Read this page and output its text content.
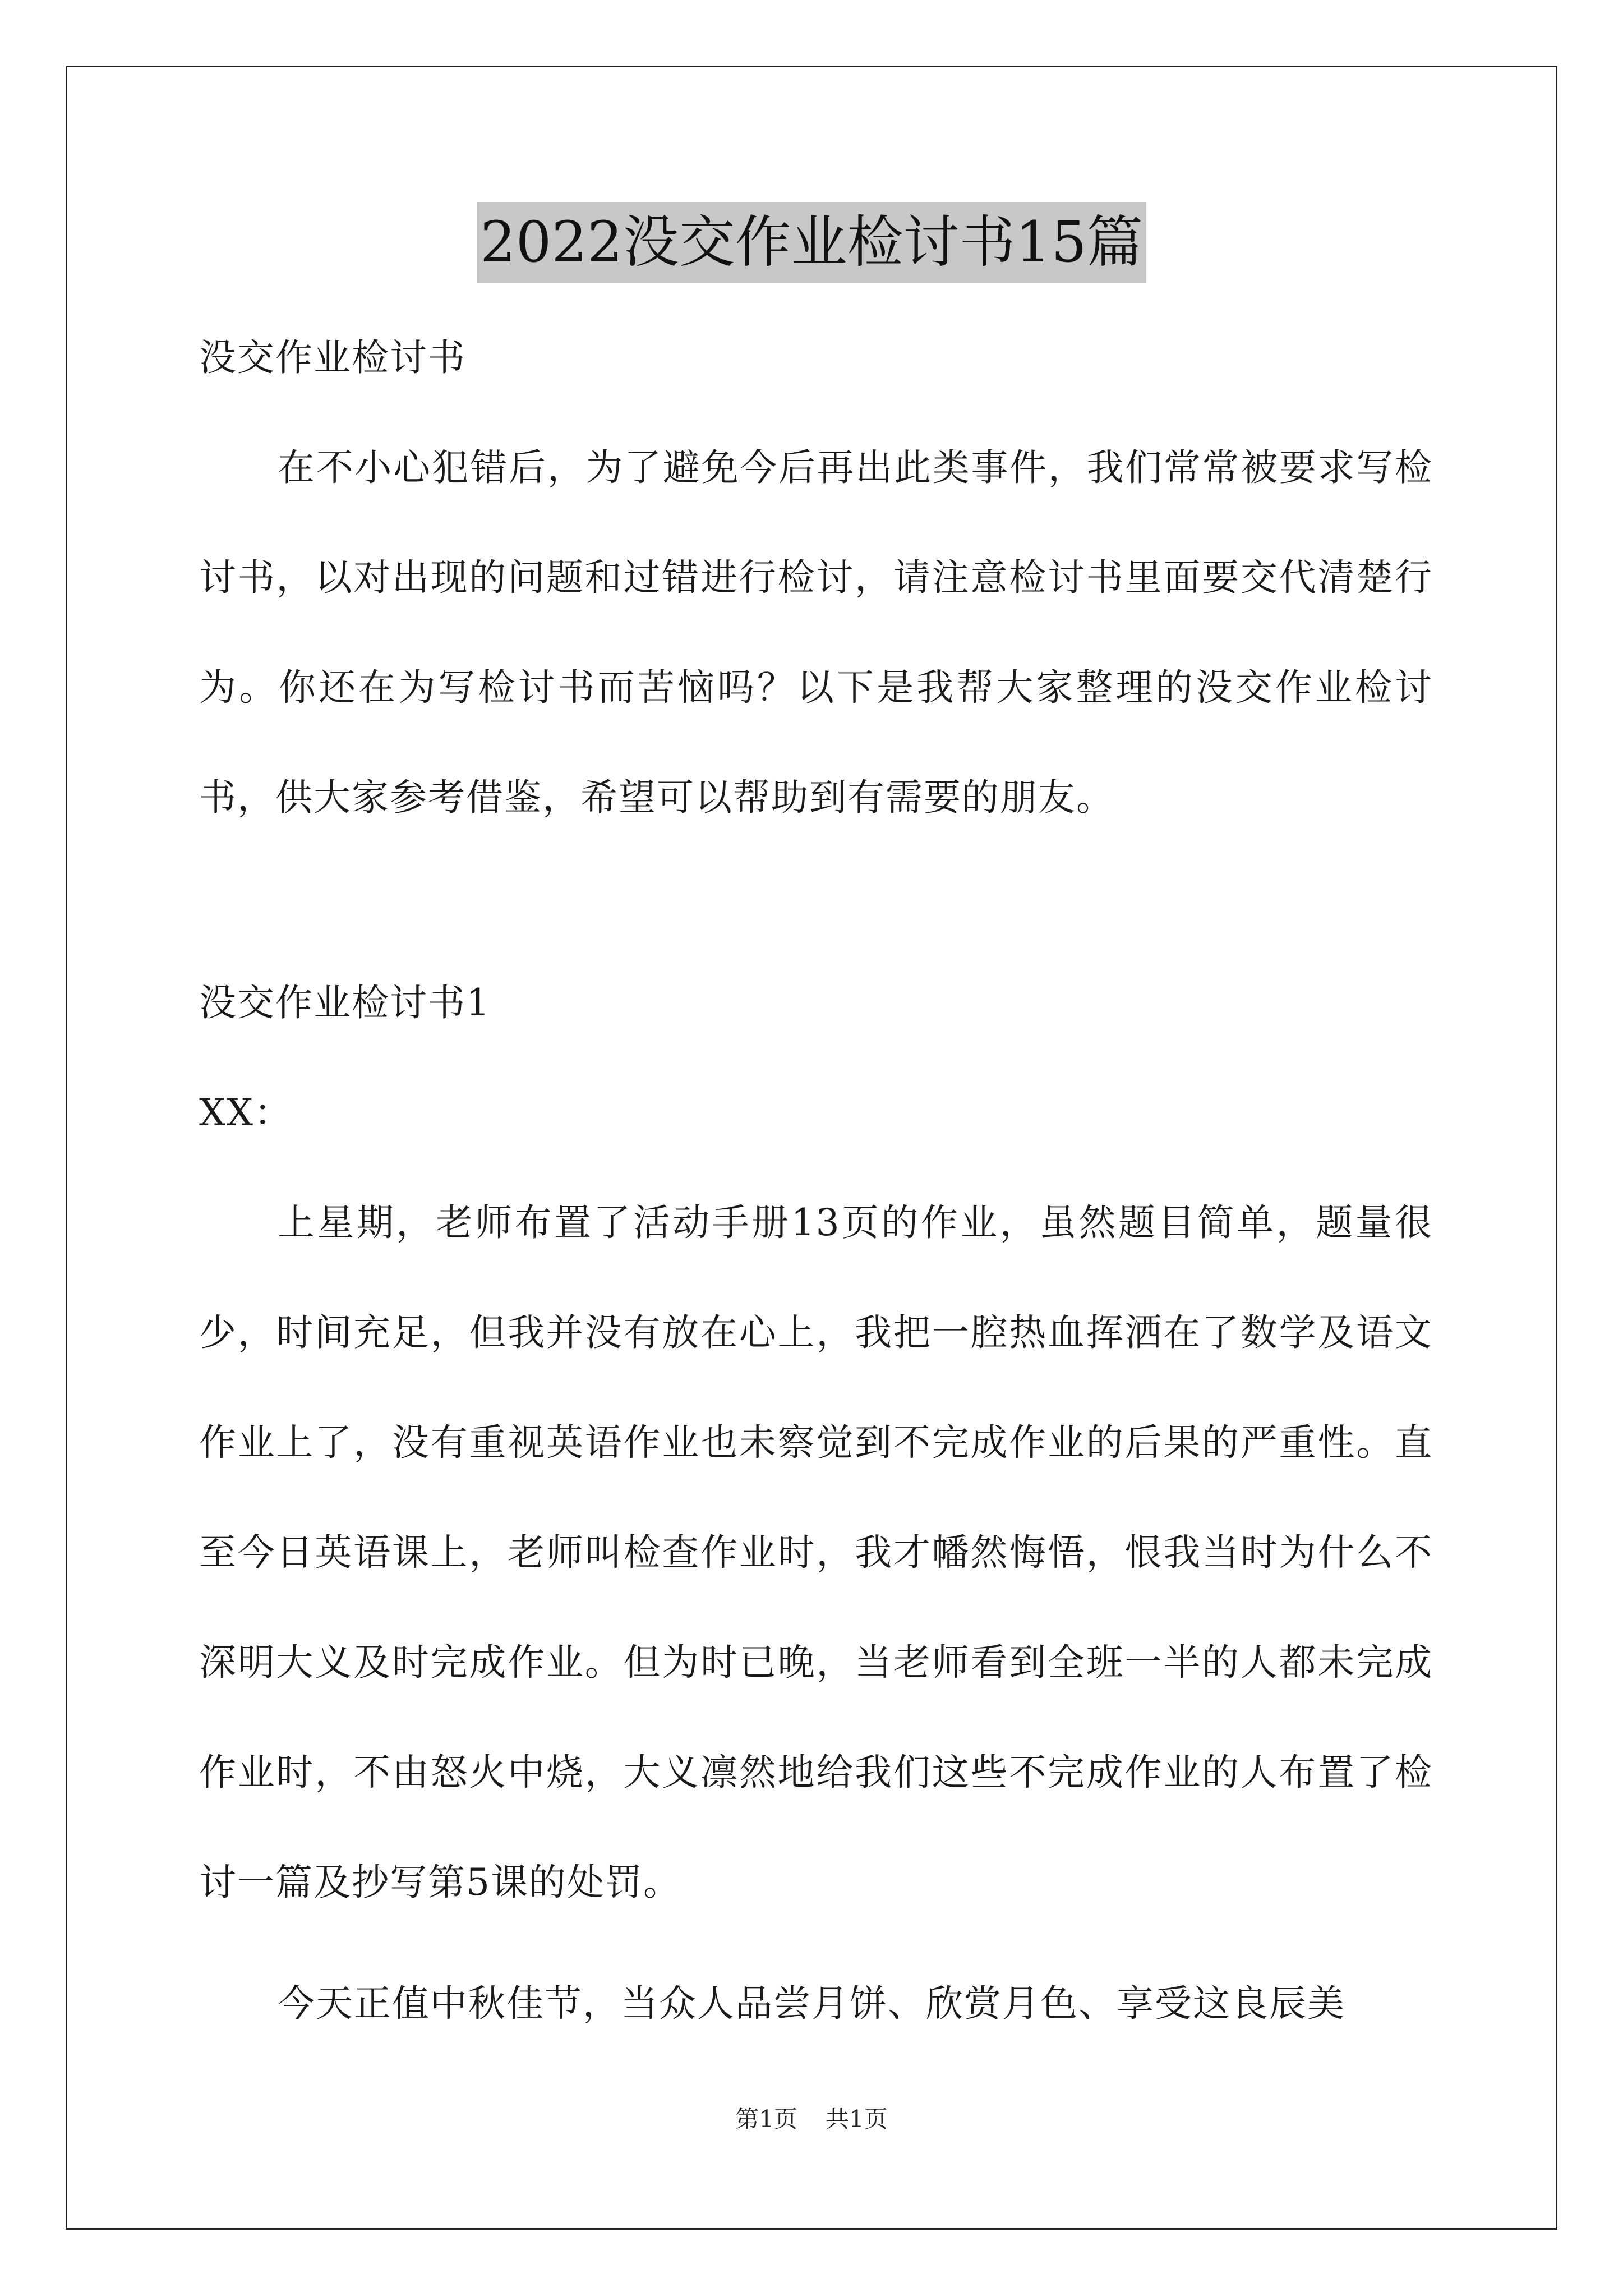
2022没交作业检讨书15篇

没交作业检讨书

在不小心犯错后，为了避免今后再出此类事件，我们常常被要求写检讨书，以对出现的问题和过错进行检讨，请注意检讨书里面要交代清楚行为。你还在为写检讨书而苦恼吗？以下是我帮大家整理的没交作业检讨书，供大家参考借鉴，希望可以帮助到有需要的朋友。

没交作业检讨书1

XX：

上星期，老师布置了活动手册13页的作业，虽然题目简单，题量很少，时间充足，但我并没有放在心上，我把一腔热血挥洒在了数学及语文作业上了，没有重视英语作业也未察觉到不完成作业的后果的严重性。直至今日英语课上，老师叫检查作业时，我才幡然悔悟，恨我当时为什么不深明大义及时完成作业。但为时已晚，当老师看到全班一半的人都未完成作业时，不由怒火中烧，大义凛然地给我们这些不完成作业的人布置了检讨一篇及抄写第5课的处罚。

今天正值中秋佳节，当众人品尝月饼、欣赏月色、享受这良辰美

第1页 共1页
